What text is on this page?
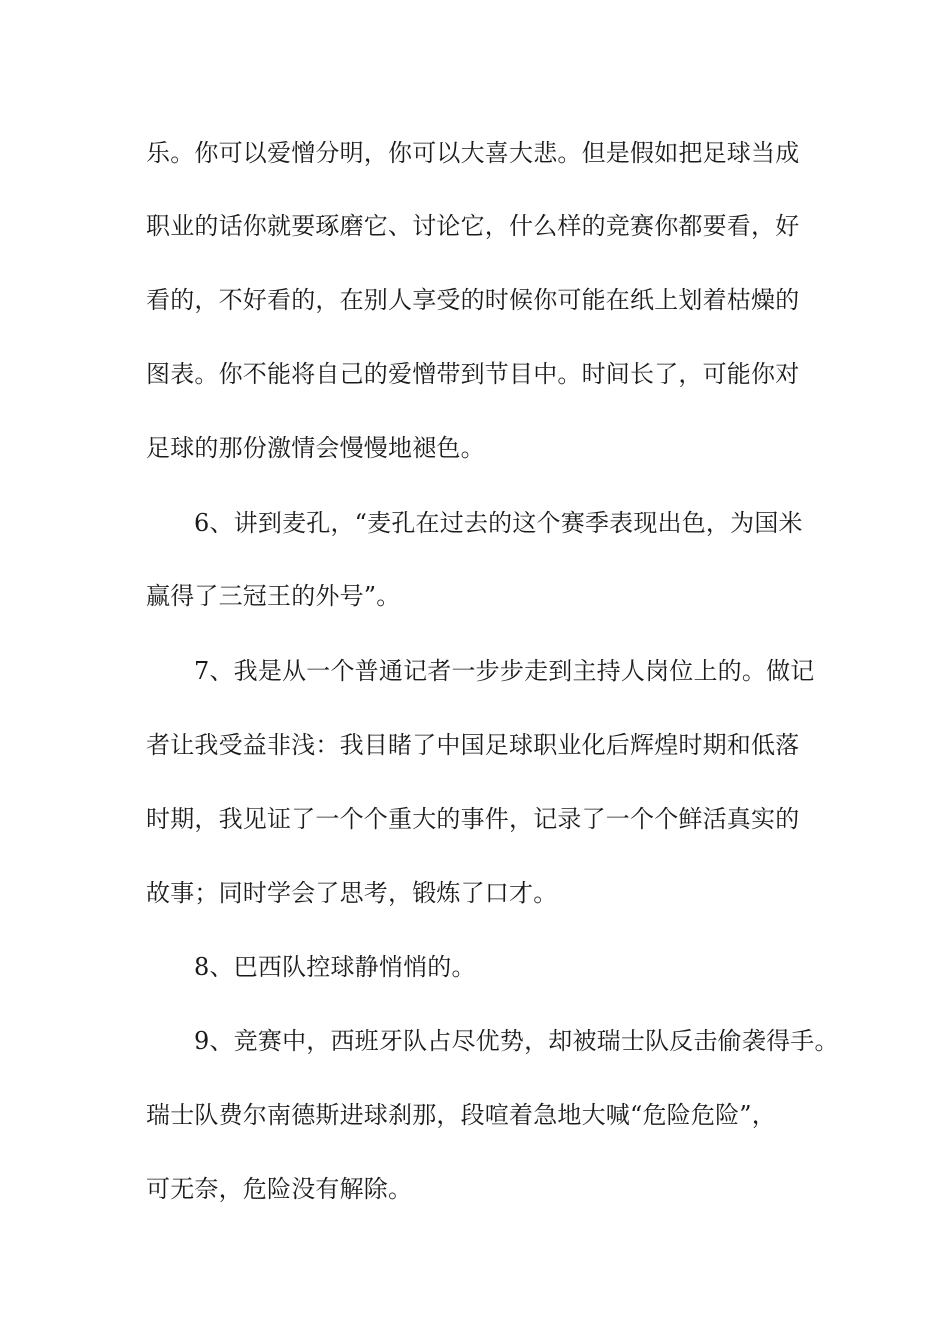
乐。你可以爱憎分明，你可以大喜大悲。但是假如把足球当成
职业的话你就要琢磨它、讨论它，什么样的竞赛你都要看，好
看的，不好看的，在别人享受的时候你可能在纸上划着枯燥的
图表。你不能将自己的爱憎带到节目中。时间长了，可能你对
足球的那份激情会慢慢地褪色。
6、讲到麦孔，“麦孔在过去的这个赛季表现出色，为国米
赢得了三冠王的外号”。
7、我是从一个普通记者一步步走到主持人岗位上的。做记
者让我受益非浅：我目睹了中国足球职业化后辉煌时期和低落
时期，我见证了一个个重大的事件，记录了一个个鲜活真实的
故事；同时学会了思考，锻炼了口才。
8、巴西队控球静悄悄的。
9、竞赛中，西班牙队占尽优势，却被瑞士队反击偷袭得手。
瑞士队费尔南德斯进球刹那，段喧着急地大喊“危险危险”，
可无奈，危险没有解除。
